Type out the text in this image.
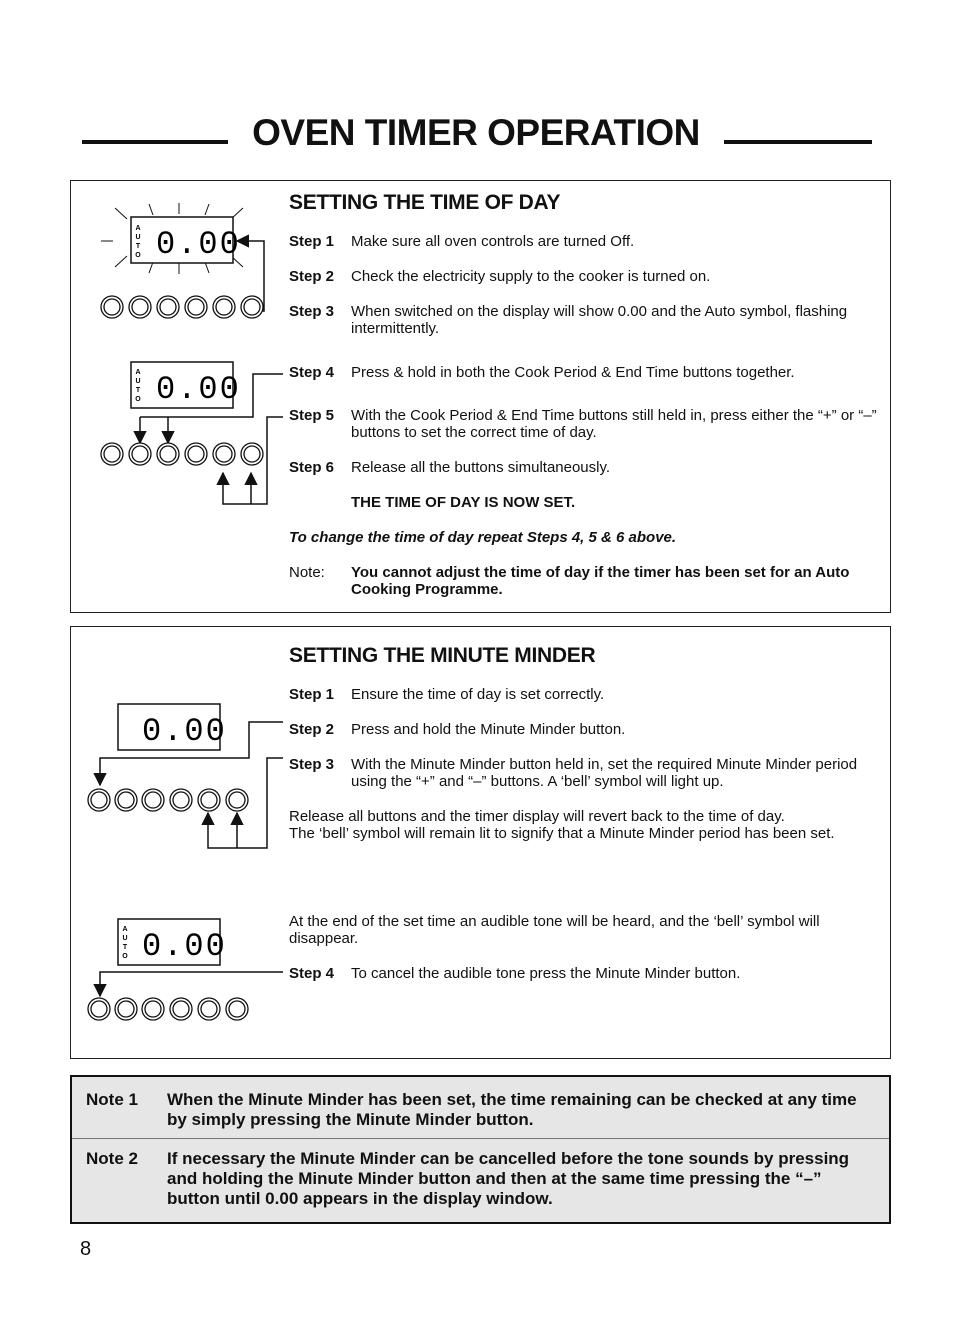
OVEN TIMER OPERATION
A
U
T
O 0.00
A
U
T
O 0.00
SETTING THE TIME OF DAY
Step 1	Make sure all oven controls are turned Off.
Step 2	Check the electricity supply to the cooker is turned on.
Step 3	When switched on the display will show 0.00 and the Auto symbol, flashing intermittently.
Step 4	Press & hold in both the Cook Period & End Time buttons together.
Step 5	With the Cook Period & End Time buttons still held in, press either the “+” or “–” buttons to set the correct time of day.
Step 6	Release all the buttons simultaneously.
THE TIME OF DAY IS NOW SET.
To change the time of day repeat Steps 4, 5 & 6 above.
Note:	You cannot adjust the time of day if the timer has been set for an Auto Cooking Programme.
0.00
A
U
T
O 0.00
SETTING THE MINUTE MINDER
Step 1	Ensure the time of day is set correctly.
Step 2	Press and hold the Minute Minder button.
Step 3	With the Minute Minder button held in, set the required Minute Minder period using the “+” and “–” buttons. A ‘bell’ symbol will light up.
Release all buttons and the timer display will revert back to the time of day.
The ‘bell’ symbol will remain lit to signify that a Minute Minder period has been set.
At the end of the set time an audible tone will be heard, and the ‘bell’ symbol will disappear.
Step 4	To cancel the audible tone press the Minute Minder button.
Note 1 When the Minute Minder has been set, the time remaining can be checked at any time by simply pressing the Minute Minder button.
Note 2 If necessary the Minute Minder can be cancelled before the tone sounds by pressing and holding the Minute Minder button and then at the same time pressing the “–” button until 0.00 appears in the display window.
8
